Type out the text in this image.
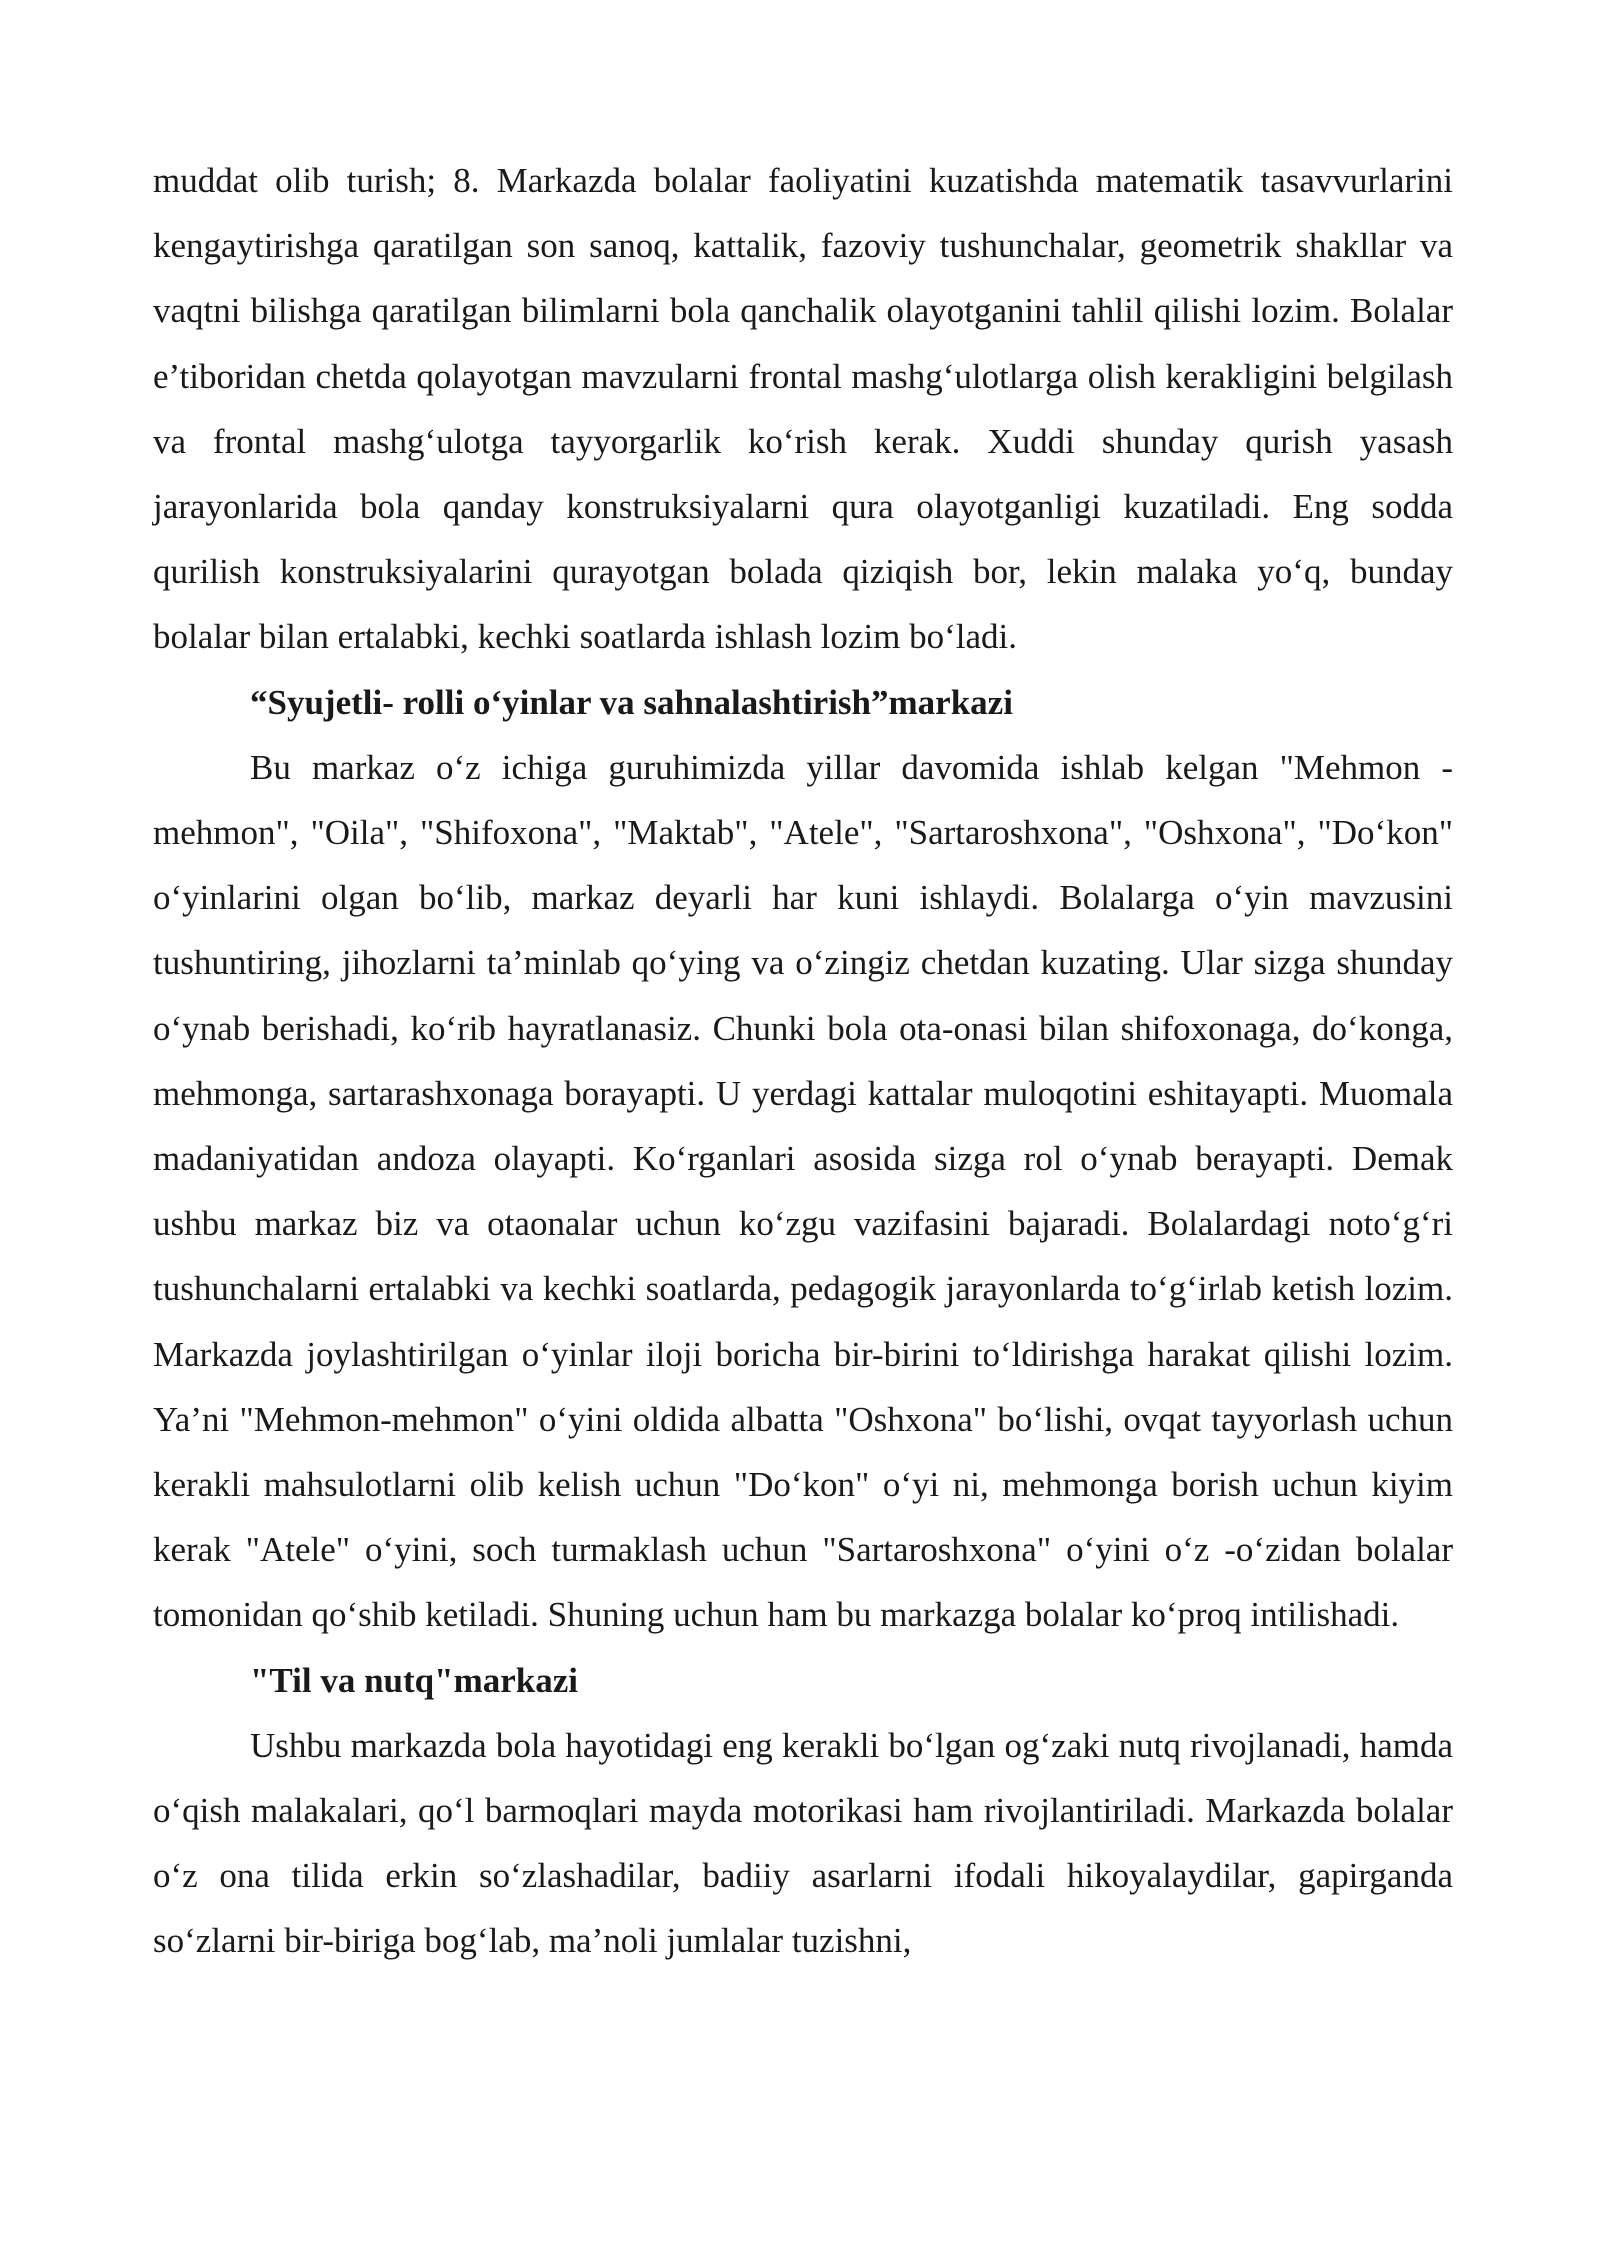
muddat olib turish; 8. Markazda bolalar faoliyatini kuzatishda matematik tasavvurlarini kengaytirishga qaratilgan son sanoq, kattalik, fazoviy tushunchalar, geometrik shakllar va vaqtni bilishga qaratilgan bilimlarni bola qanchalik olayotganini tahlil qilishi lozim. Bolalar e’tiboridan chetda qolayotgan mavzularni frontal mashg‘ulotlarga olish kerakligini belgilash va frontal mashg‘ulotga tayyorgarlik ko‘rish kerak. Xuddi shunday qurish yasash jarayonlarida bola qanday konstruksiyalarni qura olayotganligi kuzatiladi. Eng sodda qurilish konstruksiyalarini qurayotgan bolada qiziqish bor, lekin malaka yo‘q, bunday bolalar bilan ertalabki, kechki soatlarda ishlash lozim bo‘ladi.

“Syujetli- rolli o‘yinlar va sahnalashtirish”markazi

Bu markaz o‘z ichiga guruhimizda yillar davomida ishlab kelgan "Mehmon -mehmon", "Oila", "Shifoxona", "Maktab", "Atele", "Sartaroshxona", "Oshxona", "Do‘kon" o‘yinlarini olgan bo‘lib, markaz deyarli har kuni ishlaydi. Bolalarga o‘yin mavzusini tushuntiring, jihozlarni ta’minlab qo‘ying va o‘zingiz chetdan kuzating. Ular sizga shunday o‘ynab berishadi, ko‘rib hayratlanasiz. Chunki bola ota-onasi bilan shifoxonaga, do‘konga, mehmonga, sartarashxonaga borayapti. U yerdagi kattalar muloqotini eshitayapti. Muomala madaniyatidan andoza olayapti. Ko‘rganlari asosida sizga rol o‘ynab berayapti. Demak ushbu markaz biz va otaonalar uchun ko‘zgu vazifasini bajaradi. Bolalardagi noto‘g‘ri tushunchalarni ertalabki va kechki soatlarda, pedagogik jarayonlarda to‘g‘irlab ketish lozim. Markazda joylashtirilgan o‘yinlar iloji boricha bir-birini to‘ldirishga harakat qilishi lozim. Ya’ni "Mehmon-mehmon" o‘yini oldida albatta "Oshxona" bo‘lishi, ovqat tayyorlash uchun kerakli mahsulotlarni olib kelish uchun "Do‘kon" o‘yi ni, mehmonga borish uchun kiyim kerak "Atele" o‘yini, soch turmaklash uchun "Sartaroshxona" o‘yini o‘z -o‘zidan bolalar tomonidan qo‘shib ketiladi. Shuning uchun ham bu markazga bolalar ko‘proq intilishadi.

"Til va nutq"markazi

Ushbu markazda bola hayotidagi eng kerakli bo‘lgan og‘zaki nutq rivojlanadi, hamda o‘qish malakalari, qo‘l barmoqlari mayda motorikasi ham rivojlantiriladi. Markazda bolalar o‘z ona tilida erkin so‘zlashadilar, badiiy asarlarni ifodali hikoyalaydilar, gapirganda so‘zlarni bir-biriga bog‘lab, ma’noli jumlalar tuzishni,
